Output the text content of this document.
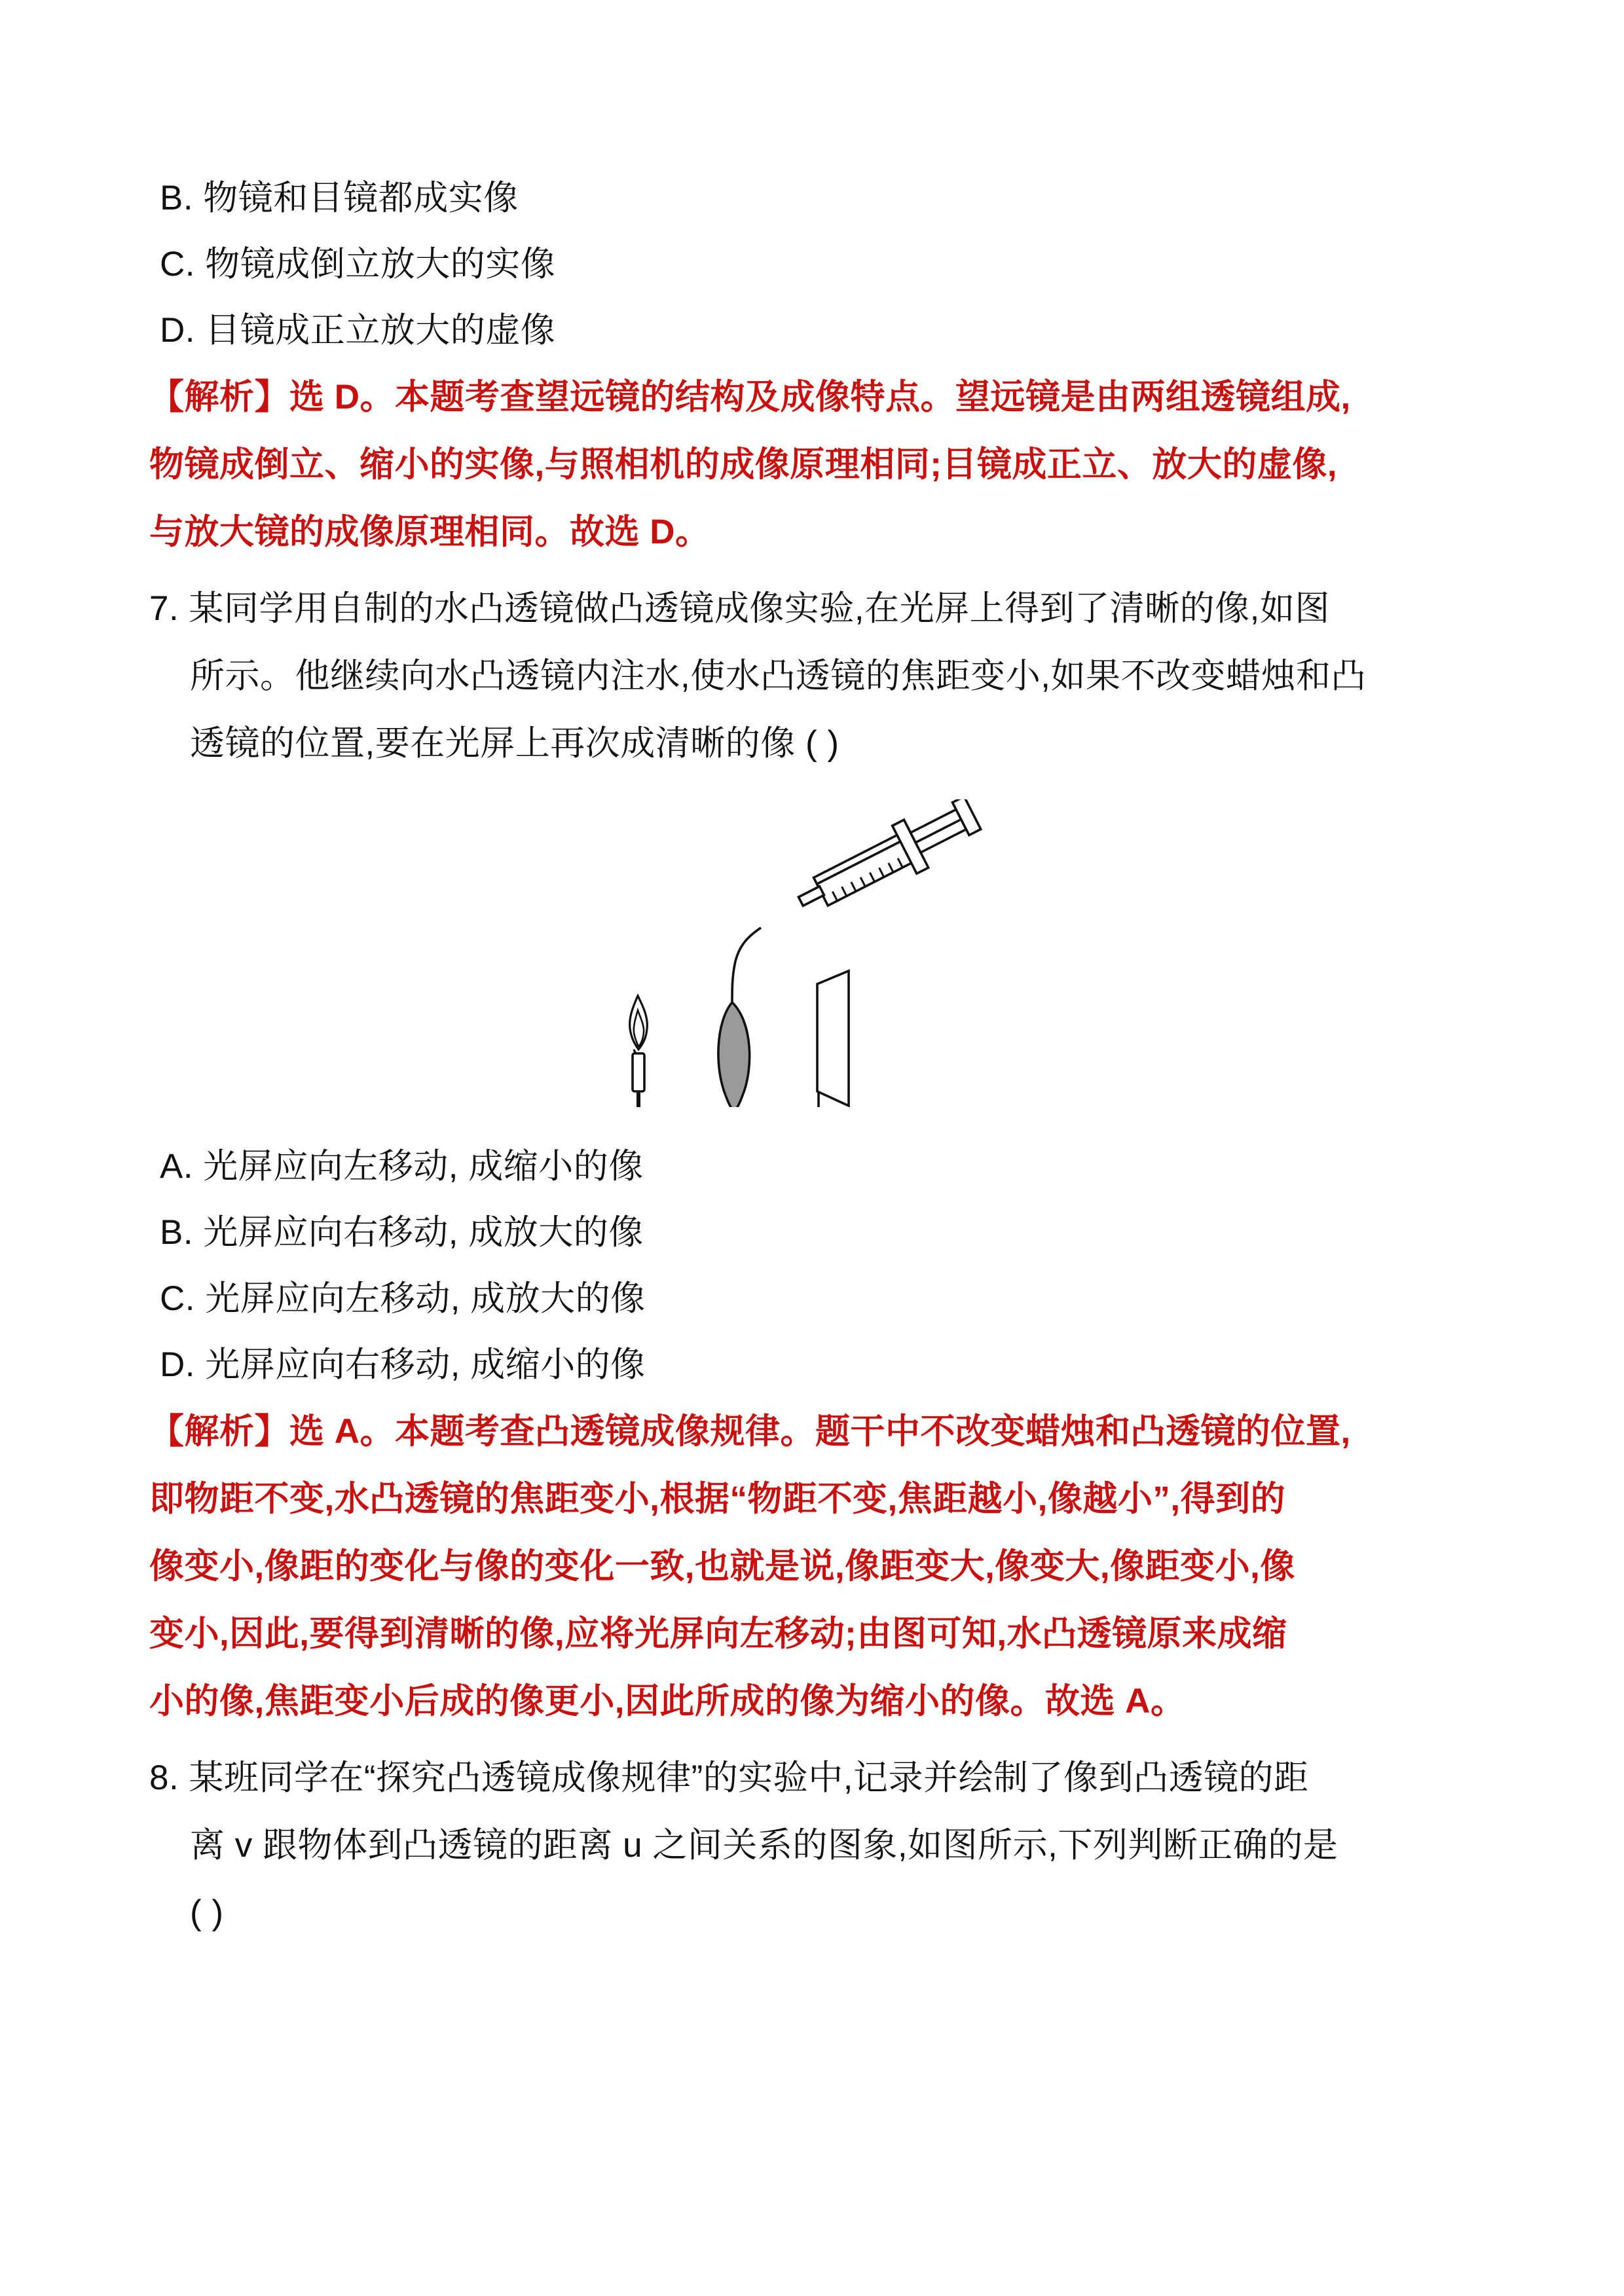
B. 物镜和目镜都成实像
C. 物镜成倒立放大的实像
D. 目镜成正立放大的虚像
【解析】选 D。本题考查望远镜的结构及成像特点。望远镜是由两组透镜组成,
物镜成倒立、缩小的实像,与照相机的成像原理相同;目镜成正立、放大的虚像,
与放大镜的成像原理相同。故选 D。
7. 某同学用自制的水凸透镜做凸透镜成像实验,在光屏上得到了清晰的像,如图
所示。他继续向水凸透镜内注水,使水凸透镜的焦距变小,如果不改变蜡烛和凸
透镜的位置,要在光屏上再次成清晰的像 ( )
A. 光屏应向左移动, 成缩小的像
B. 光屏应向右移动, 成放大的像
C. 光屏应向左移动, 成放大的像
D. 光屏应向右移动, 成缩小的像
【解析】选 A。本题考查凸透镜成像规律。题干中不改变蜡烛和凸透镜的位置,
即物距不变,水凸透镜的焦距变小,根据“物距不变,焦距越小,像越小”,得到的
像变小,像距的变化与像的变化一致,也就是说,像距变大,像变大,像距变小,像
变小,因此,要得到清晰的像,应将光屏向左移动;由图可知,水凸透镜原来成缩
小的像,焦距变小后成的像更小,因此所成的像为缩小的像。故选 A。
8. 某班同学在“探究凸透镜成像规律”的实验中,记录并绘制了像到凸透镜的距
离 v 跟物体到凸透镜的距离 u 之间关系的图象,如图所示,下列判断正确的是
( )
